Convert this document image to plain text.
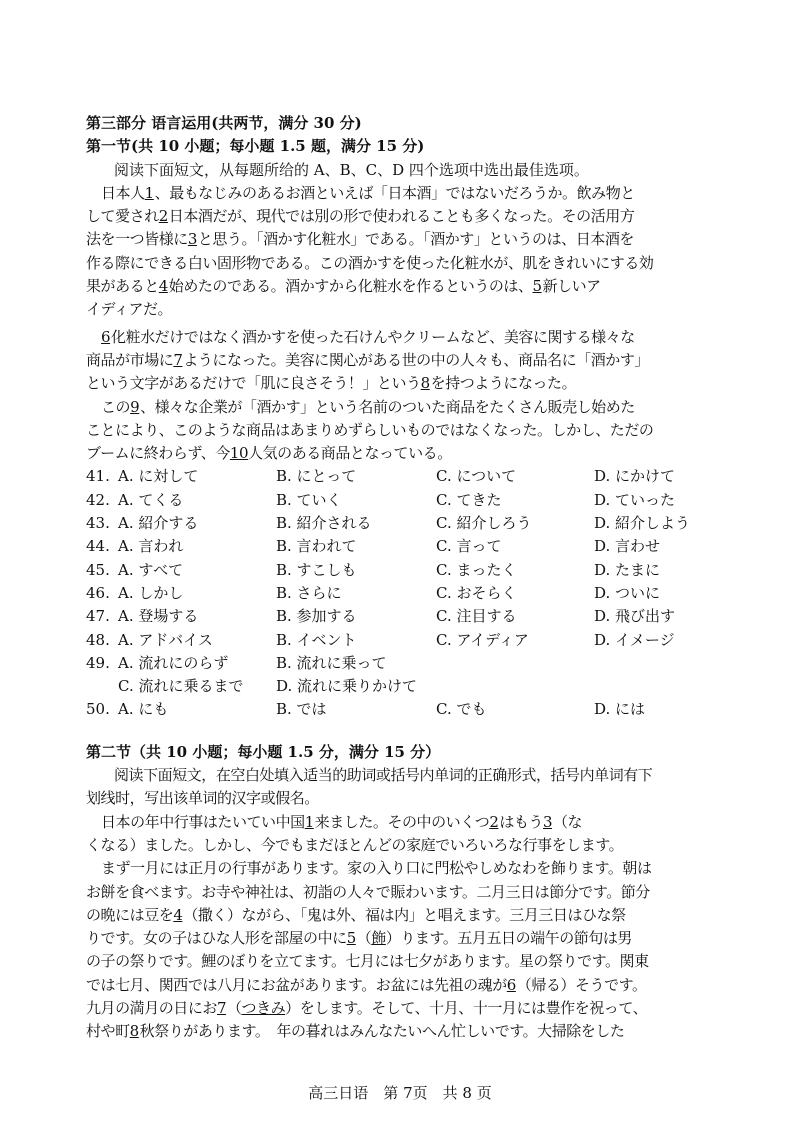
第三部分 语言运用(共两节，满分 30 分)
第一节(共 10 小题；每小题 1.5 题，满分 15 分)
阅读下面短文，从每题所给的 A、B、C、D 四个选项中选出最佳选项。
日本人1、最もなじみのあるお酒といえば「日本酒」ではないだろうか。飲み物と
して愛され2日本酒だが、現代では別の形で使われることも多くなった。その活用方
法を一つ皆様に3と思う。「酒かす化粧水」である。「酒かす」というのは、日本酒を
作る際にできる白い固形物である。この酒かすを使った化粧水が、肌をきれいにする効
果があると4始めたのである。酒かすから化粧水を作るというのは、5新しいア
イディアだ。
6化粧水だけではなく酒かすを使った石けんやクリームなど、美容に関する様々な
商品が市場に7ようになった。美容に関心がある世の中の人々も、商品名に「酒かす」
という文字があるだけで「肌に良さそう！」という8を持つようになった。
この9、様々な企業が「酒かす」という名前のついた商品をたくさん販売し始めた
ことにより、このような商品はあまりめずらしいものではなくなった。しかし、ただの
ブームに終わらず、今10人気のある商品となっている。
41. A. に対して	B. にとって	C. について	D. にかけて
42. A. てくる	B. ていく	C. てきた	D. ていった
43. A. 紹介する	B. 紹介される	C. 紹介しろう	D. 紹介しよう
44. A. 言われ	B. 言われて	C. 言って	D. 言わせ
45. A. すべて	B. すこしも	C. まったく	D. たまに
46. A. しかし	B. さらに	C. おそらく	D. ついに
47. A. 登場する	B. 参加する	C. 注目する	D. 飛び出す
48. A. アドバイス	B. イベント	C. アイディア	D. イメージ
49. A. 流れにのらず	B. 流れに乗って
C. 流れに乗るまで	D. 流れに乗りかけて
50. A. にも	B. では	C. でも	D. には
第二节（共 10 小题；每小题 1.5 分，满分 15 分）
阅读下面短文，在空白处填入适当的助词或括号内单词的正确形式，括号内单词有下
划线时，写出该单词的汉字或假名。
日本の年中行事はたいてい中国1来ました。その中のいくつ2はもう3（な
くなる）ました。しかし、今でもまだほとんどの家庭でいろいろな行事をします。
まず一月には正月の行事があります。家の入り口に門松やしめなわを飾ります。朝は
お餅を食べます。お寺や神社は、初詣の人々で賑わいます。二月三日は節分です。節分
の晩には豆を4（撒く）ながら、「鬼は外、福は内」と唱えます。三月三日はひな祭
りです。女の子はひな人形を部屋の中に5（飾）ります。五月五日の端午の節句は男
の子の祭りです。鯉のぼりを立てます。七月には七夕があります。星の祭りです。関東
では七月、関西では八月にお盆があります。お盆には先祖の魂が6（帰る）そうです。
九月の満月の日にお7（つきみ）をします。そして、十月、十一月には豊作を祝って、
村や町8秋祭りがあります。　年の暮れはみんなたいへん忙しいです。大掃除をした
高三日语　第 7页　共 8 页
